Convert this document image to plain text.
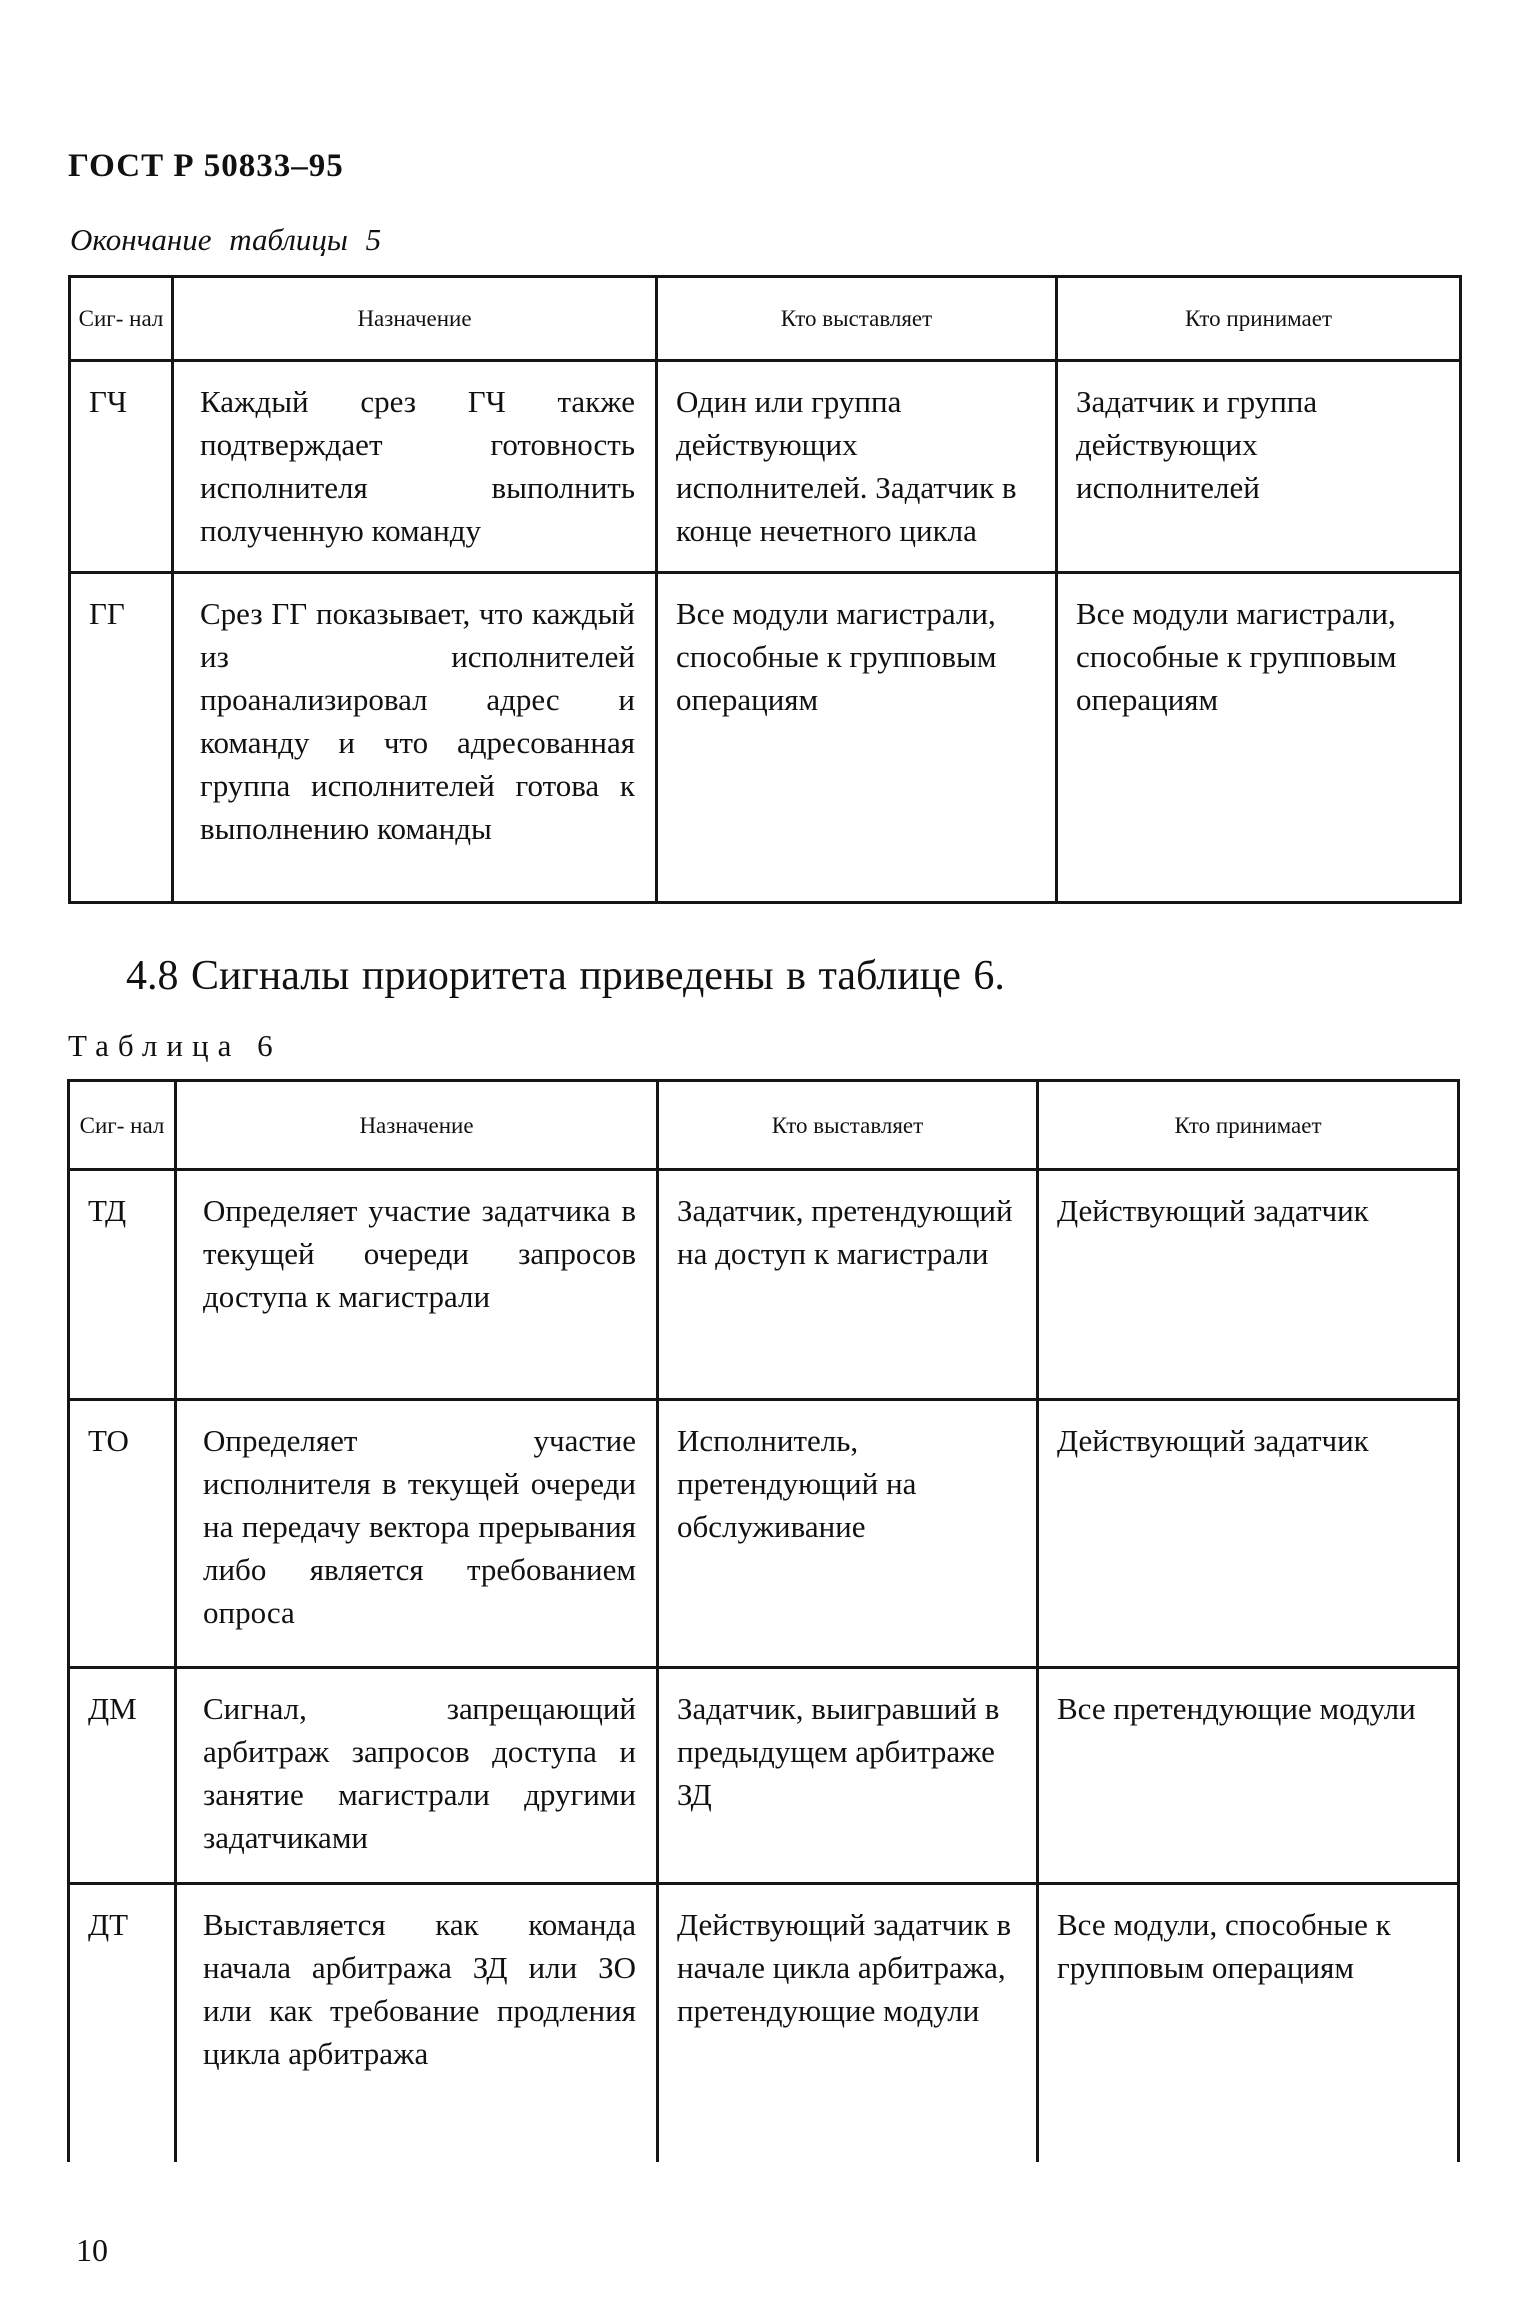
ГОСТ Р 50833–95
Окончание таблицы 5
Сиг- нал	Назначение	Кто выставляет	Кто принимает
ГЧ	Каждый срез ГЧ также подтверждает готовность исполнителя выполнить полученную команду	Один или группа действующих исполнителей. Задатчик в конце нечетного цикла	Задатчик и группа действующих исполнителей
ГГ	Срез ГГ показывает, что каждый из исполнителей проанализировал адрес и команду и что адресованная группа исполнителей готова к выполнению команды	Все модули магистрали, способные к групповым операциям	Все модули магистрали, способные к групповым операциям
4.8 Сигналы приоритета приведены в таблице 6.
Таблица 6
Сиг- нал	Назначение	Кто выставляет	Кто принимает
ТД	Определяет участие задатчика в текущей очереди запросов доступа к магистрали	Задатчик, претендующий на доступ к магистрали	Действующий задатчик
ТО	Определяет участие исполнителя в текущей очереди на передачу вектора прерывания либо является требованием опроса	Исполнитель, претендующий на обслуживание	Действующий задатчик
ДМ	Сигнал, запрещающий арбитраж запросов доступа и занятие магистрали другими задатчиками	Задатчик, выигравший в предыдущем арбитраже ЗД	Все претендующие модули
ДТ	Выставляется как команда начала арбитража ЗД или ЗО или как требование продления цикла арбитража	Действующий задатчик в начале цикла арбитража, претендующие модули	Все модули, способные к групповым операциям
10
